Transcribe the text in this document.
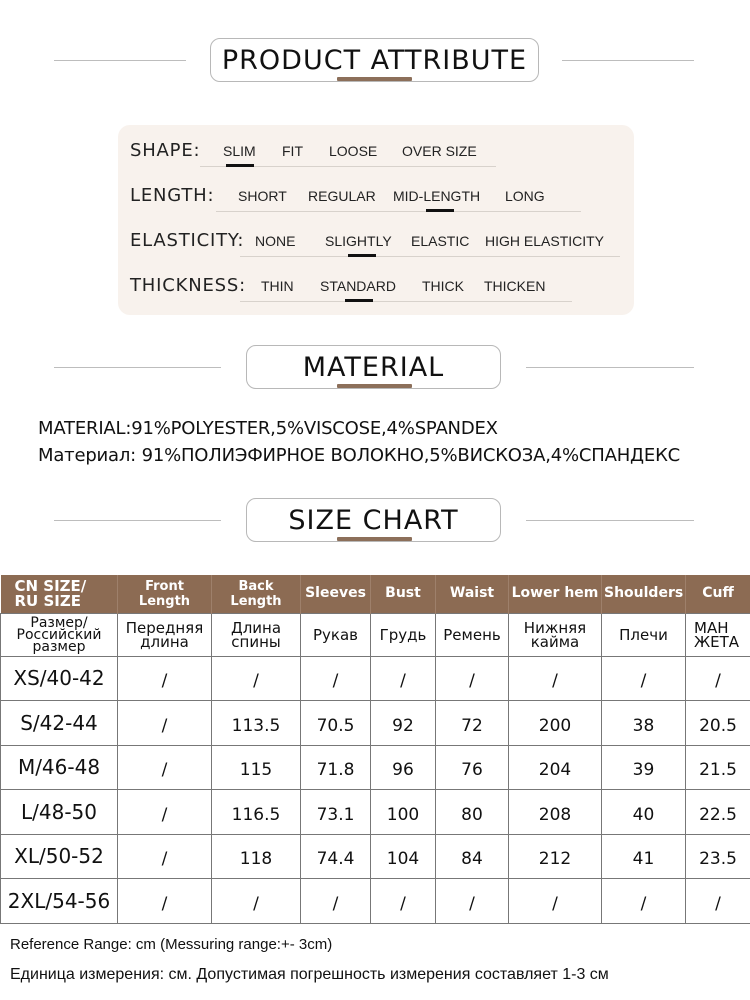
PRODUCT ATTRIBUTE
SHAPE: SLIM FIT LOOSE OVER SIZE
LENGTH: SHORT REGULAR MID-LENGTH LONG
ELASTICITY: NONE SLIGHTLY ELASTIC HIGH ELASTICITY
THICKNESS: THIN STANDARD THICK THICKEN
MATERIAL
MATERIAL:91%POLYESTER,5%VISCOSE,4%SPANDEX
Материал: 91%ПОЛИЭФИРНОЕ ВОЛОКНО,5%ВИСКОЗА,4%СПАНДЕКС
SIZE CHART
CN SIZE/ RU SIZE	Front Length	Back Length	Sleeves	Bust	Waist	Lower hem	Shoulders	Cuff
Размер/ Российский размер	Передняя длина	Длина спины	Рукав	Грудь	Ремень	Нижняя кайма	Плечи	МАН ЖЕТА
XS/40-42	/	/	/	/	/	/	/	/
S/42-44	/	113.5	70.5	92	72	200	38	20.5
M/46-48	/	115	71.8	96	76	204	39	21.5
L/48-50	/	116.5	73.1	100	80	208	40	22.5
XL/50-52	/	118	74.4	104	84	212	41	23.5
2XL/54-56	/	/	/	/	/	/	/	/
Reference Range: cm (Messuring range:+- 3cm)
Единица измерения: см. Допустимая погрешность измерения составляет 1-3 см
